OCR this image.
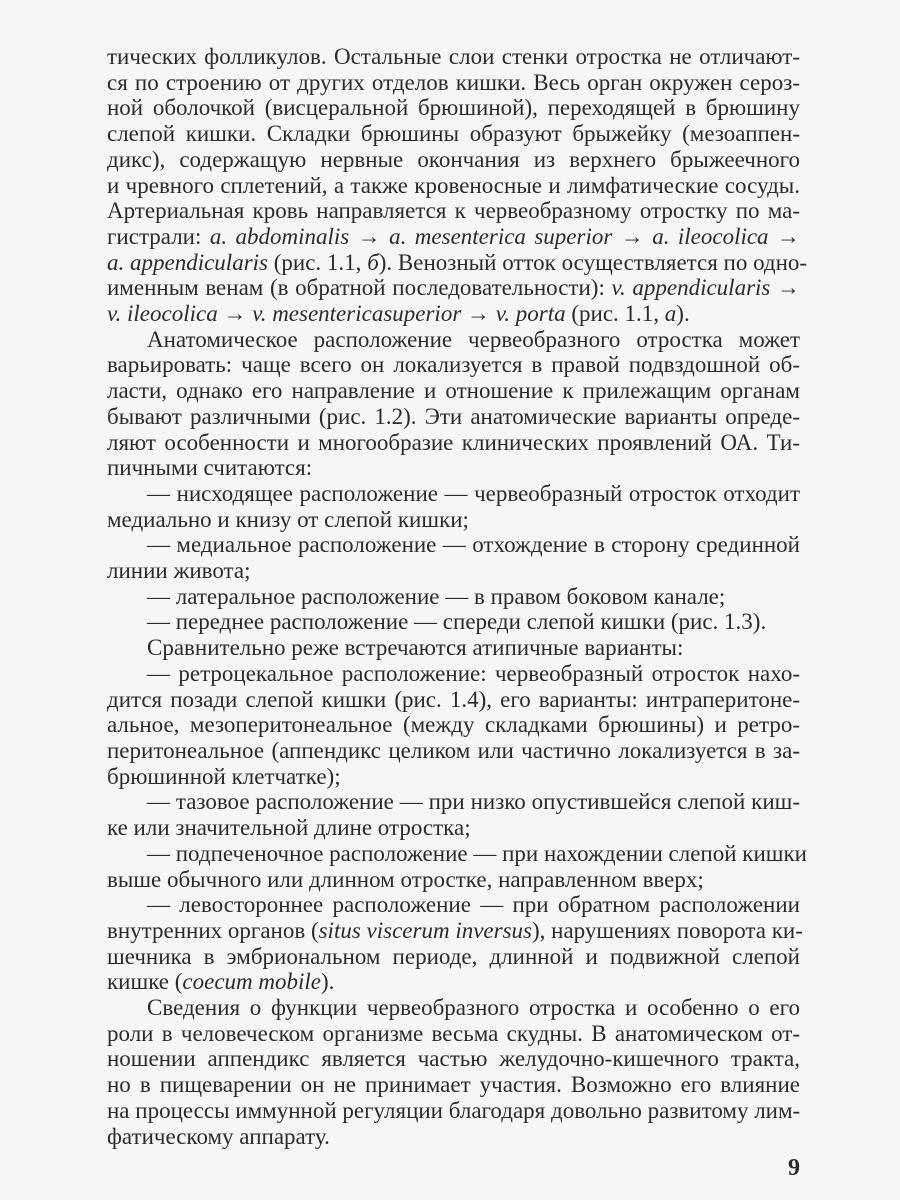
тических фолликулов. Остальные слои стенки отростка не отличают-
ся по строению от других отделов кишки. Весь орган окружен сероз-
ной оболочкой (висцеральной брюшиной), переходящей в брюшину
слепой кишки. Складки брюшины образуют брыжейку (мезоаппен-
дикс), содержащую нервные окончания из верхнего брыжеечного
и чревного сплетений, а также кровеносные и лимфатические сосуды.
Артериальная кровь направляется к червеобразному отростку по ма-
гистрали: a. abdominalis → a. mesenterica superior → a. ileocolica →
a. appendicularis (рис. 1.1, б). Венозный отток осуществляется по одно-
именным венам (в обратной последовательности): v. appendicularis →
v. ileocolica → v. mesentericasuperior → v. porta (рис. 1.1, а).

Анатомическое расположение червеобразного отростка может
варьировать: чаще всего он локализуется в правой подвздошной об-
ласти, однако его направление и отношение к прилежащим органам
бывают различными (рис. 1.2). Эти анатомические варианты опреде-
ляют особенности и многообразие клинических проявлений ОА. Ти-
пичными считаются:

— нисходящее расположение — червеобразный отросток отходит
медиально и книзу от слепой кишки;

— медиальное расположение — отхождение в сторону срединной
линии живота;

— латеральное расположение — в правом боковом канале;

— переднее расположение — спереди слепой кишки (рис. 1.3).

Сравнительно реже встречаются атипичные варианты:

— ретроцекальное расположение: червеобразный отросток нахо-
дится позади слепой кишки (рис. 1.4), его варианты: интраперитоне-
альное, мезоперитонеальное (между складками брюшины) и ретро-
перитонеальное (аппендикс целиком или частично локализуется в за-
брюшинной клетчатке);

— тазовое расположение — при низко опустившейся слепой киш-
ке или значительной длине отростка;

— подпеченочное расположение — при нахождении слепой кишки
выше обычного или длинном отростке, направленном вверх;

— левостороннее расположение — при обратном расположении
внутренних органов (situs viscerum inversus), нарушениях поворота ки-
шечника в эмбриональном периоде, длинной и подвижной слепой
кишке (coecum mobile).

Сведения о функции червеобразного отростка и особенно о его
роли в человеческом организме весьма скудны. В анатомическом от-
ношении аппендикс является частью желудочно-кишечного тракта,
но в пищеварении он не принимает участия. Возможно его влияние
на процессы иммунной регуляции благодаря довольно развитому лим-
фатическому аппарату.

9
